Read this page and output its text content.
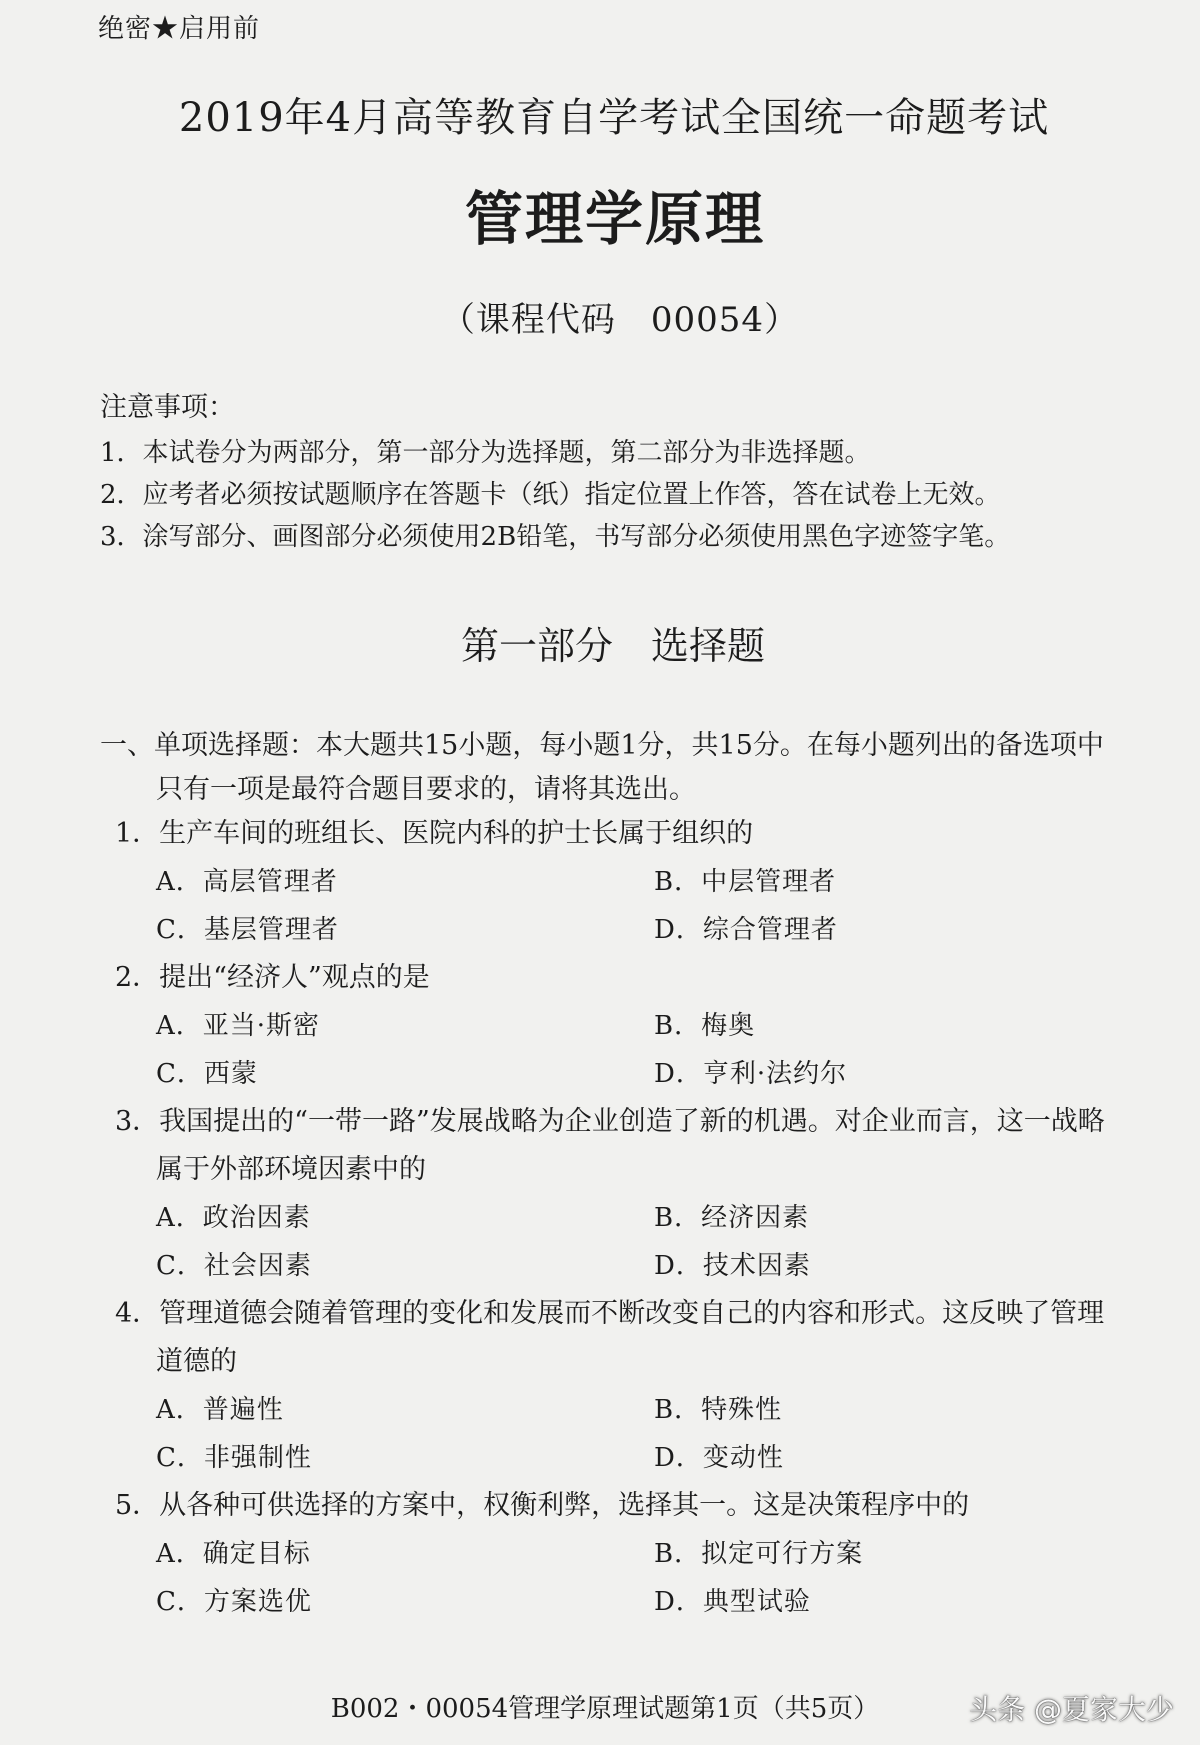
绝密★启用前
2019年4月高等教育自学考试全国统一命题考试
管理学原理
（课程代码　00054）
注意事项：
1．本试卷分为两部分，第一部分为选择题，第二部分为非选择题。
2．应考者必须按试题顺序在答题卡（纸）指定位置上作答，答在试卷上无效。
3．涂写部分、画图部分必须使用2B铅笔，书写部分必须使用黑色字迹签字笔。
第一部分　选择题
一、单项选择题：本大题共15小题，每小题1分，共15分。在每小题列出的备选项中
只有一项是最符合题目要求的，请将其选出。
1．生产车间的班组长、医院内科的护士长属于组织的
A．高层管理者	B．中层管理者
C．基层管理者	D．综合管理者
2．提出“经济人”观点的是
A．亚当·斯密	B．梅奥
C．西蒙	D．亨利·法约尔
3．我国提出的“一带一路”发展战略为企业创造了新的机遇。对企业而言，这一战略
属于外部环境因素中的
A．政治因素	B．经济因素
C．社会因素	D．技术因素
4．管理道德会随着管理的变化和发展而不断改变自己的内容和形式。这反映了管理
道德的
A．普遍性	B．特殊性
C．非强制性	D．变动性
5．从各种可供选择的方案中，权衡利弊，选择其一。这是决策程序中的
A．确定目标	B．拟定可行方案
C．方案选优	D．典型试验
B002・00054管理学原理试题第1页（共5页）	头条 @夏家大少
